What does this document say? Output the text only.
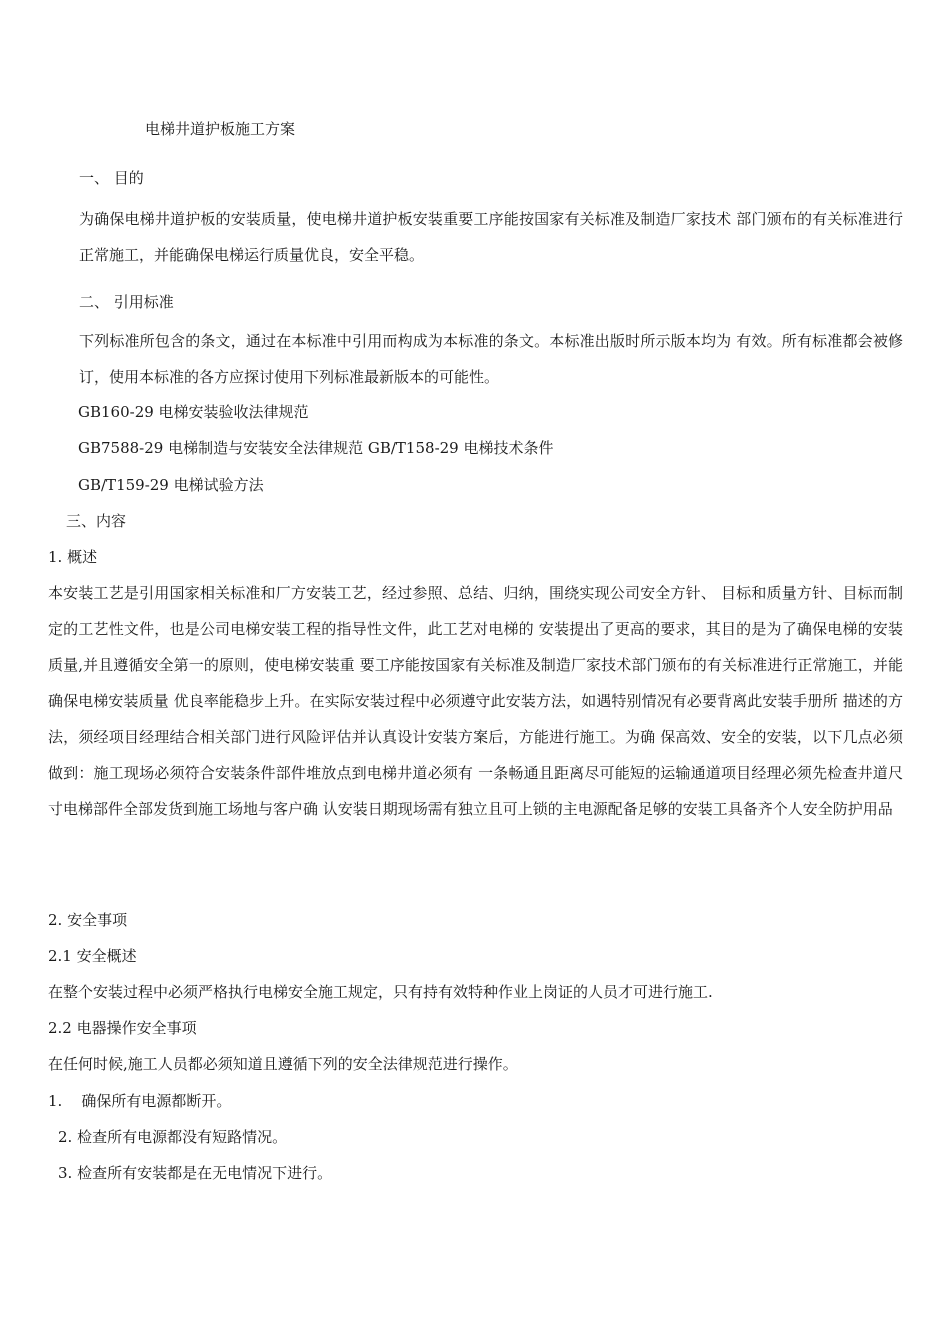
电梯井道护板施工方案
一、 目的
为确保电梯井道护板的安装质量，使电梯井道护板安装重要工序能按国家有关标准及制造厂家技术 部门颁布的有关标准进行正常施工，并能确保电梯运行质量优良，安全平稳。
二、 引用标准
下列标准所包含的条文，通过在本标准中引用而构成为本标准的条文。本标准出版时所示版本均为 有效。所有标准都会被修订，使用本标准的各方应探讨使用下列标准最新版本的可能性。
GB160-29 电梯安装验收法律规范
GB7588-29 电梯制造与安装安全法律规范 GB/T158-29 电梯技术条件
GB/T159-29 电梯试验方法
三、内容
1. 概述
本安装工艺是引用国家相关标准和厂方安装工艺，经过参照、总结、归纳，围绕实现公司安全方针、 目标和质量方针、目标而制定的工艺性文件，也是公司电梯安装工程的指导性文件，此工艺对电梯的 安装提出了更高的要求，其目的是为了确保电梯的安装质量,并且遵循安全第一的原则，使电梯安装重 要工序能按国家有关标准及制造厂家技术部门颁布的有关标准进行正常施工，并能确保电梯安装质量 优良率能稳步上升。在实际安装过程中必须遵守此安装方法，如遇特别情况有必要背离此安装手册所 描述的方法，须经项目经理结合相关部门进行风险评估并认真设计安装方案后，方能进行施工。为确 保高效、安全的安装，以下几点必须做到：施工现场必须符合安装条件部件堆放点到电梯井道必须有 一条畅通且距离尽可能短的运输通道项目经理必须先检查井道尺寸电梯部件全部发货到施工场地与客户确 认安装日期现场需有独立且可上锁的主电源配备足够的安装工具备齐个人安全防护用品
2. 安全事项
2.1 安全概述
在整个安装过程中必须严格执行电梯安全施工规定，只有持有效特种作业上岗证的人员才可进行施工.
2.2 电器操作安全事项
在任何时候,施工人员都必须知道且遵循下列的安全法律规范进行操作。
1.    确保所有电源都断开。
2. 检查所有电源都没有短路情况。
3. 检查所有安装都是在无电情况下进行。
